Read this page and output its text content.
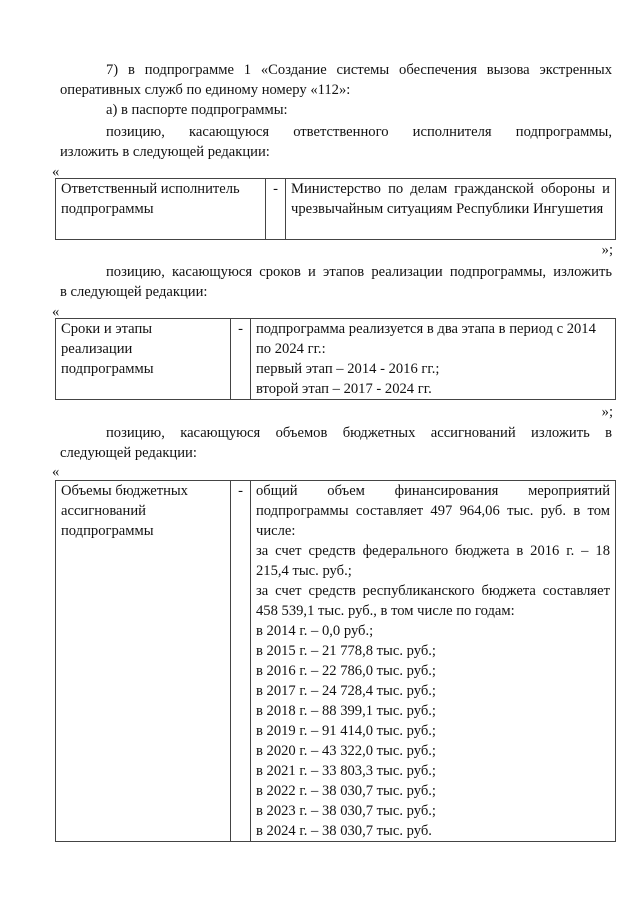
7) в подпрограмме 1 «Создание системы обеспечения вызова экстренных

оперативных служб по единому номеру «112»:

а) в паспорте подпрограммы:

позицию, касающуюся ответственного исполнителя подпрограммы,

изложить в следующей редакции:

«
Ответственный исполнитель подпрограммы	-	Министерство по делам гражданской обороны и чрезвычайным ситуациям Республики Ингушетия
»;

позицию, касающуюся сроков и этапов реализации подпрограммы, изложить

в следующей редакции:

«
Сроки и этапы реализации подпрограммы	-	подпрограмма реализуется в два этапа в период с 2014 по 2024 гг.:

первый этап – 2014 - 2016 гг.;

второй этап – 2017 - 2024 гг.

»;

позицию, касающуюся объемов бюджетных ассигнований изложить в

следующей редакции:

«
Объемы бюджетных ассигнований подпрограммы	-	общий объем финансирования мероприятий подпрограммы составляет 497 964,06 тыс. руб. в том числе:

за счет средств федерального бюджета в 2016 г. – 18 215,4 тыс. руб.;

за счет средств республиканского бюджета составляет 458 539,1 тыс. руб., в том числе по годам:

в 2014 г. – 0,0 руб.;

в 2015 г. – 21 778,8 тыс. руб.;

в 2016 г. – 22 786,0 тыс. руб.;

в 2017 г. – 24 728,4 тыс. руб.;

в 2018 г. – 88 399,1 тыс. руб.;

в 2019 г. – 91 414,0 тыс. руб.;

в 2020 г. – 43 322,0 тыс. руб.;

в 2021 г. – 33 803,3 тыс. руб.;

в 2022 г. – 38 030,7 тыс. руб.;

в 2023 г. – 38 030,7 тыс. руб.;

в 2024 г. – 38 030,7 тыс. руб.
